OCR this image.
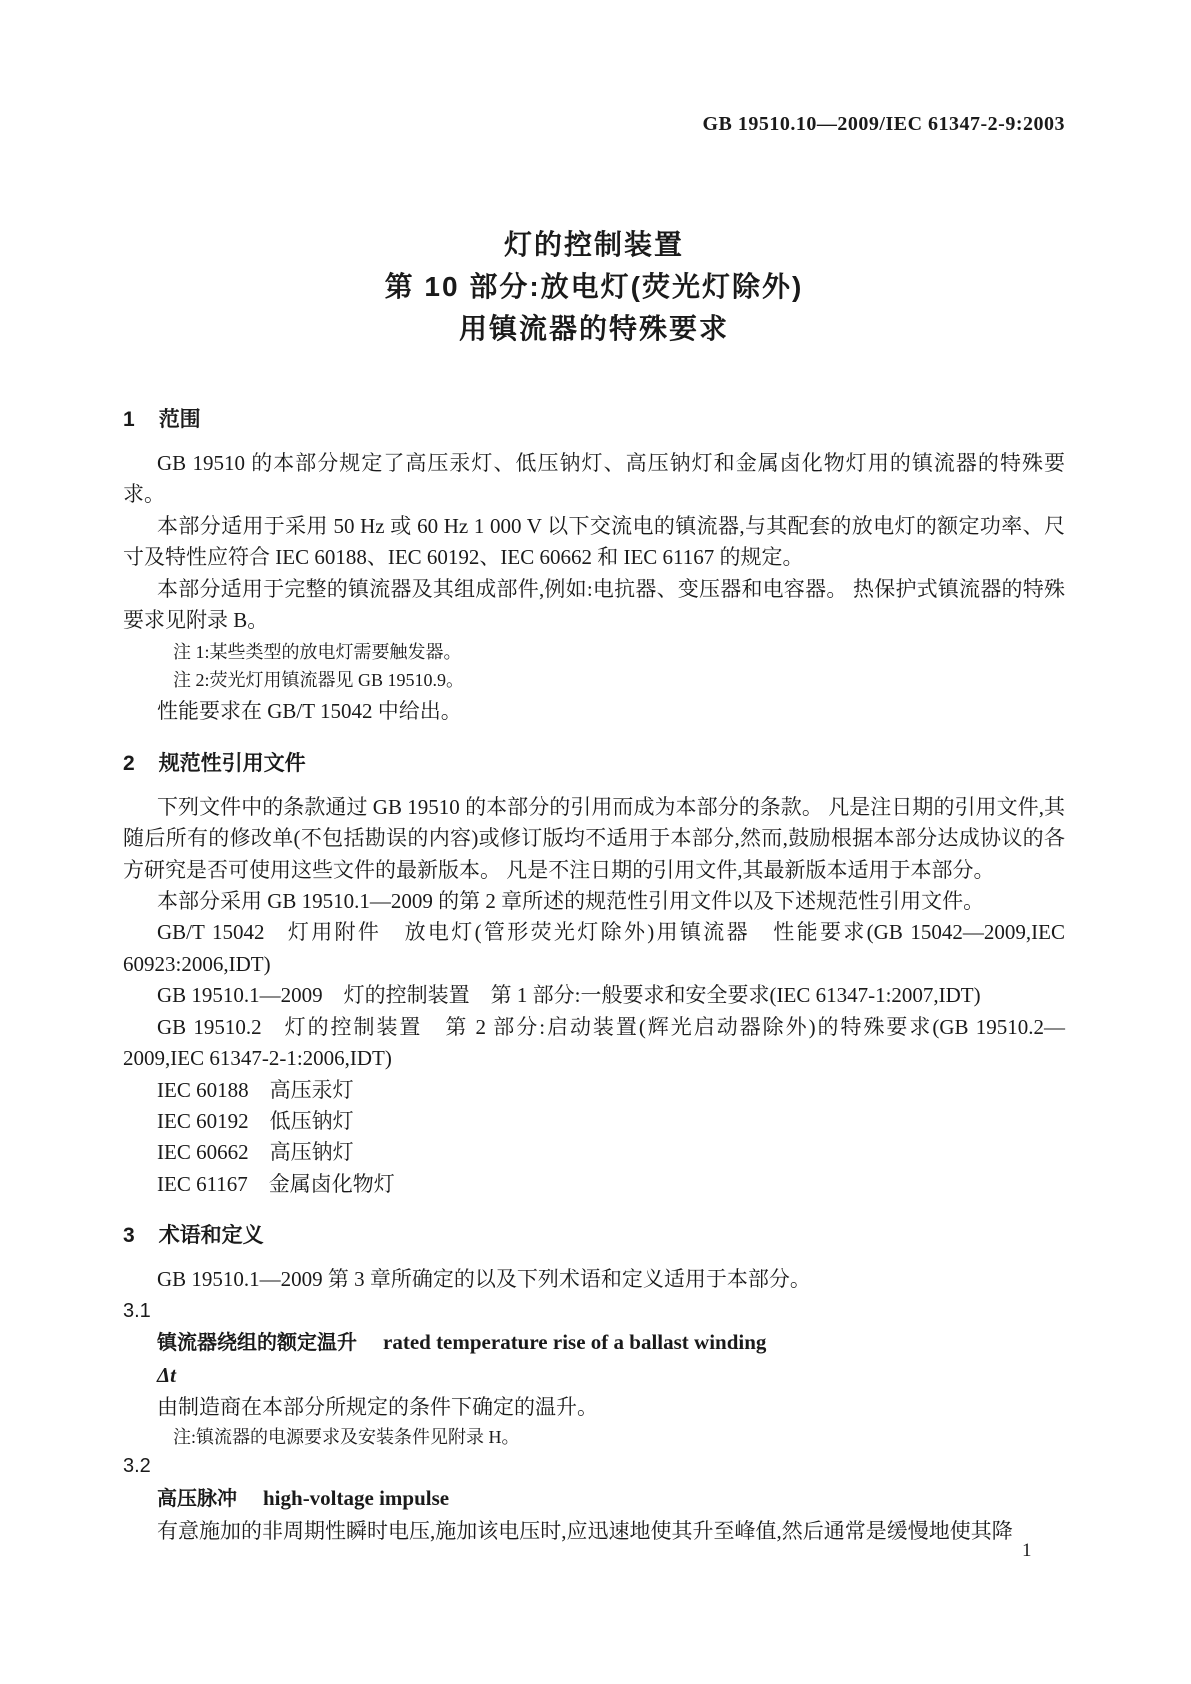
GB 19510.10—2009/IEC 61347-2-9:2003
灯的控制装置
第 10 部分:放电灯(荧光灯除外)
用镇流器的特殊要求
1 范围

GB 19510 的本部分规定了高压汞灯、低压钠灯、高压钠灯和金属卤化物灯用的镇流器的特殊要求。

本部分适用于采用 50 Hz 或 60 Hz 1 000 V 以下交流电的镇流器,与其配套的放电灯的额定功率、尺寸及特性应符合 IEC 60188、IEC 60192、IEC 60662 和 IEC 61167 的规定。

本部分适用于完整的镇流器及其组成部件,例如:电抗器、变压器和电容器。 热保护式镇流器的特殊要求见附录 B。

注 1:某些类型的放电灯需要触发器。
注 2:荧光灯用镇流器见 GB 19510.9。

性能要求在 GB/T 15042 中给出。

2 规范性引用文件

下列文件中的条款通过 GB 19510 的本部分的引用而成为本部分的条款。 凡是注日期的引用文件,其随后所有的修改单(不包括勘误的内容)或修订版均不适用于本部分,然而,鼓励根据本部分达成协议的各方研究是否可使用这些文件的最新版本。 凡是不注日期的引用文件,其最新版本适用于本部分。

本部分采用 GB 19510.1—2009 的第 2 章所述的规范性引用文件以及下述规范性引用文件。

GB/T 15042 灯用附件 放电灯(管形荧光灯除外)用镇流器 性能要求(GB 15042—2009,IEC 60923:2006,IDT)

GB 19510.1—2009 灯的控制装置 第 1 部分:一般要求和安全要求(IEC 61347-1:2007,IDT)

GB 19510.2 灯的控制装置 第 2 部分:启动装置(辉光启动器除外)的特殊要求(GB 19510.2—2009,IEC 61347-2-1:2006,IDT)

IEC 60188 高压汞灯

IEC 60192 低压钠灯

IEC 60662 高压钠灯

IEC 61167 金属卤化物灯

3 术语和定义

GB 19510.1—2009 第 3 章所确定的以及下列术语和定义适用于本部分。

3.1
镇流器绕组的额定温升 rated temperature rise of a ballast winding
Δt

由制造商在本部分所规定的条件下确定的温升。

注:镇流器的电源要求及安装条件见附录 H。
3.2
高压脉冲 high-voltage impulse

有意施加的非周期性瞬时电压,施加该电压时,应迅速地使其升至峰值,然后通常是缓慢地使其降

1
